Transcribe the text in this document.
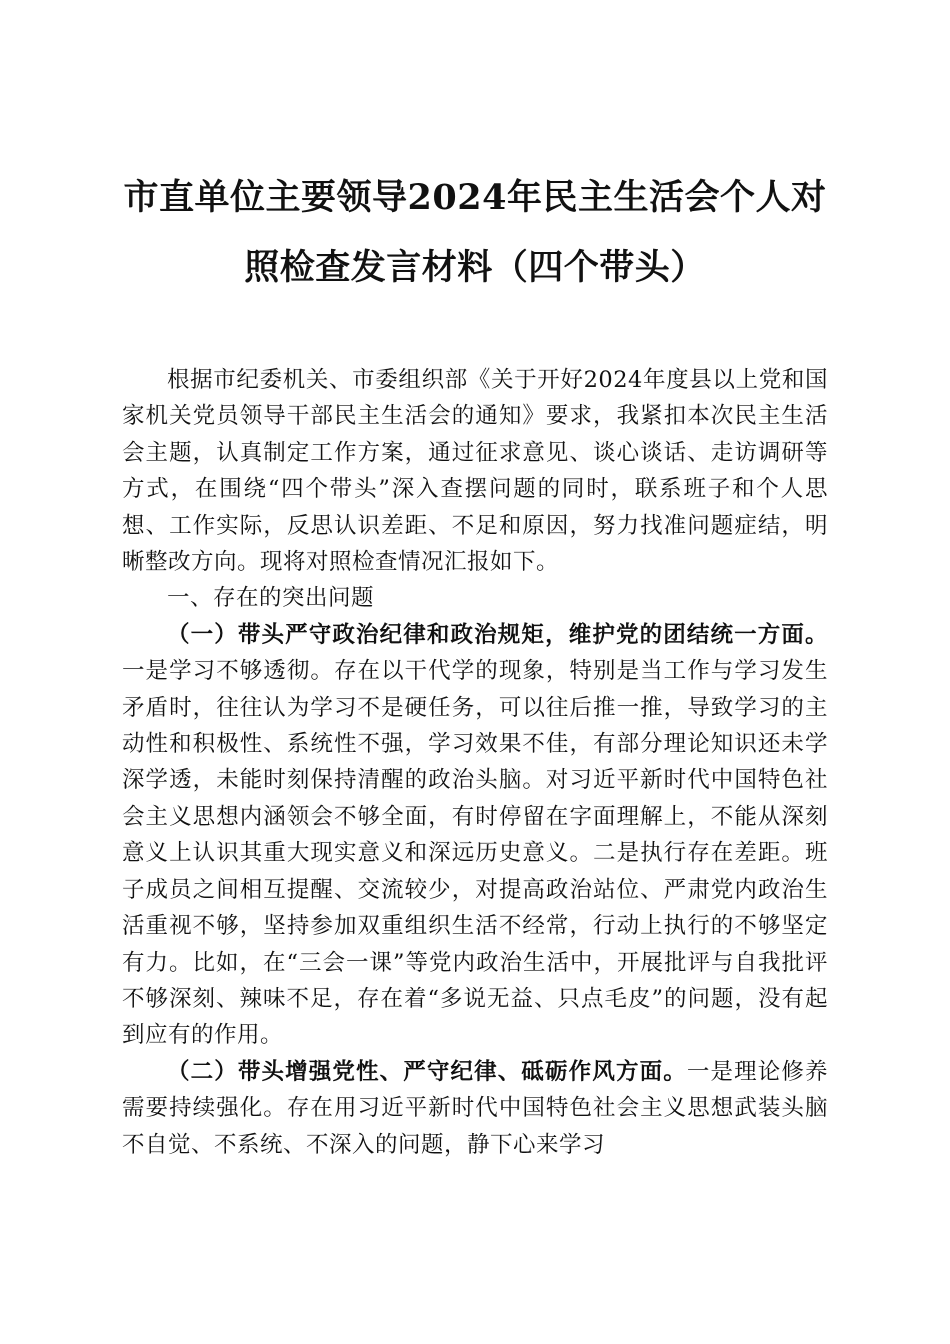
市直单位主要领导2024年民主生活会个人对
照检查发言材料（四个带头）

根据市纪委机关、市委组织部《关于开好2024年度县以上党和国家机关党员领导干部民主生活会的通知》要求，我紧扣本次民主生活会主题，认真制定工作方案，通过征求意见、谈心谈话、走访调研等方式，在围绕“四个带头”深入查摆问题的同时，联系班子和个人思想、工作实际，反思认识差距、不足和原因，努力找准问题症结，明晰整改方向。现将对照检查情况汇报如下。

一、存在的突出问题

（一）带头严守政治纪律和政治规矩，维护党的团结统一方面。一是学习不够透彻。存在以干代学的现象，特别是当工作与学习发生矛盾时，往往认为学习不是硬任务，可以往后推一推，导致学习的主动性和积极性、系统性不强，学习效果不佳，有部分理论知识还未学深学透，未能时刻保持清醒的政治头脑。对习近平新时代中国特色社会主义思想内涵领会不够全面，有时停留在字面理解上，不能从深刻意义上认识其重大现实意义和深远历史意义。二是执行存在差距。班子成员之间相互提醒、交流较少，对提高政治站位、严肃党内政治生活重视不够，坚持参加双重组织生活不经常，行动上执行的不够坚定有力。比如，在“三会一课”等党内政治生活中，开展批评与自我批评不够深刻、辣味不足，存在着“多说无益、只点毛皮”的问题，没有起到应有的作用。

（二）带头增强党性、严守纪律、砥砺作风方面。一是理论修养需要持续强化。存在用习近平新时代中国特色社会主义思想武装头脑不自觉、不系统、不深入的问题，静下心来学习
